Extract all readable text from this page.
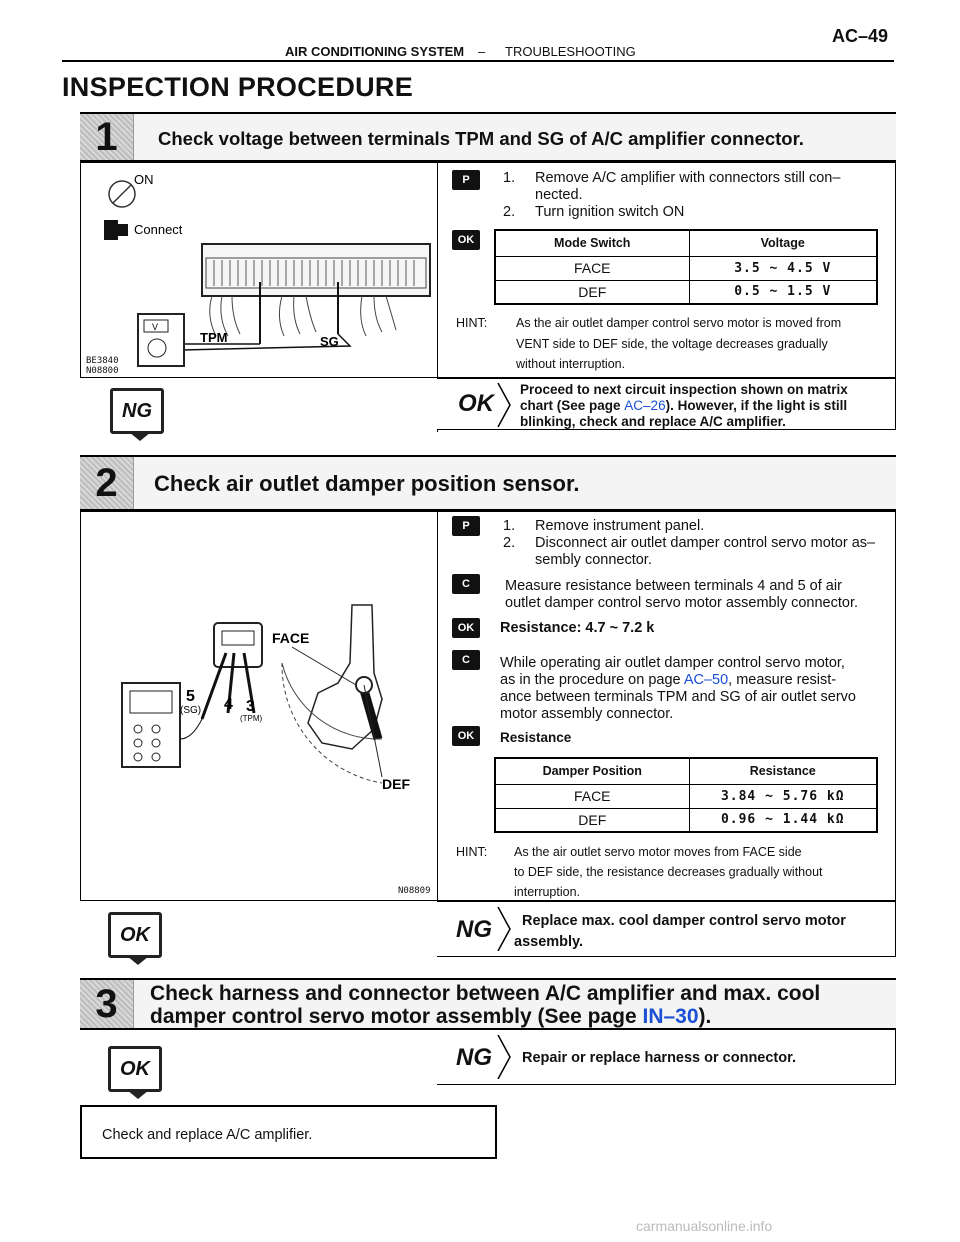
AIR CONDITIONING SYSTEM – TROUBLESHOOTING
AC–49
INSPECTION PROCEDURE
1	Check voltage between terminals TPM and SG of A/C amplifier connector.
ON
Connect
V
TPM	SG
BE3840
N08800
P	1. Remove A/C amplifier with connectors still con–
nected.
2. Turn ignition switch ON
OK	Mode Switch	Voltage
FACE	3.5 ~ 4.5 V
DEF	0.5 ~ 1.5 V
HINT: As the air outlet damper control servo motor is moved from
VENT side to DEF side, the voltage decreases gradually
without interruption.
NG	OK
Proceed to next circuit inspection shown on matrix
chart (See page AC–26). However, if the light is still
blinking, check and replace A/C amplifier.
2	Check air outlet damper position sensor.
5
(SG) 4 3
(TPM)
FACE
DEF
N08809
P	1. Remove instrument panel.
2. Disconnect air outlet damper control servo motor as–
sembly connector.
C	Measure resistance between terminals 4 and 5 of air
outlet damper control servo motor assembly connector.
OK	Resistance: 4.7 ~ 7.2 k
C	While operating air outlet damper control servo motor,
as in the procedure on page AC–50, measure resist-
ance between terminals TPM and SG of air outlet servo
motor assembly connector.
OK	Resistance
Damper Position	Resistance
FACE	3.84 ~ 5.76 kΩ
DEF	0.96 ~ 1.44 kΩ
HINT: As the air outlet servo motor moves from FACE side
to DEF side, the resistance decreases gradually without
interruption.
OK	NG Replace max. cool damper control servo motor
assembly.
3	Check harness and connector between A/C amplifier and max. cool
damper control servo motor assembly (See page IN–30).
OK	NG Repair or replace harness or connector.
Check and replace A/C amplifier.
carmanualsonline.info
